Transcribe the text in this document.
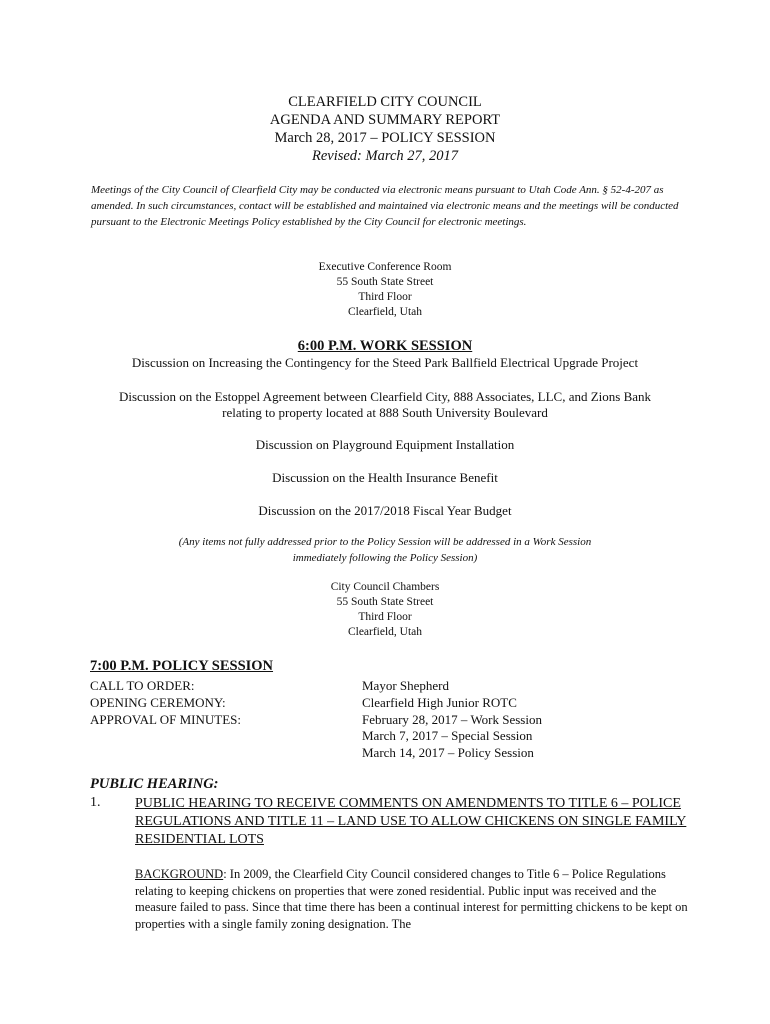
CLEARFIELD CITY COUNCIL
AGENDA AND SUMMARY REPORT
March 28, 2017 – POLICY SESSION
Revised: March 27, 2017
Meetings of the City Council of Clearfield City may be conducted via electronic means pursuant to Utah Code Ann. § 52-4-207 as amended. In such circumstances, contact will be established and maintained via electronic means and the meetings will be conducted pursuant to the Electronic Meetings Policy established by the City Council for electronic meetings.
Executive Conference Room
55 South State Street
Third Floor
Clearfield, Utah
6:00 P.M. WORK SESSION
Discussion on Increasing the Contingency for the Steed Park Ballfield Electrical Upgrade Project
Discussion on the Estoppel Agreement between Clearfield City, 888 Associates, LLC, and Zions Bank
relating to property located at 888 South University Boulevard
Discussion on Playground Equipment Installation
Discussion on the Health Insurance Benefit
Discussion on the 2017/2018 Fiscal Year Budget
(Any items not fully addressed prior to the Policy Session will be addressed in a Work Session
immediately following the Policy Session)
City Council Chambers
55 South State Street
Third Floor
Clearfield, Utah
7:00 P.M. POLICY SESSION
CALL TO ORDER:	Mayor Shepherd
OPENING CEREMONY:	Clearfield High Junior ROTC
APPROVAL OF MINUTES:	February 28, 2017 – Work Session
March 7, 2017 – Special Session
March 14, 2017 – Policy Session
PUBLIC HEARING:
1. PUBLIC HEARING TO RECEIVE COMMENTS ON AMENDMENTS TO TITLE 6 – POLICE REGULATIONS AND TITLE 11 – LAND USE TO ALLOW CHICKENS ON SINGLE FAMILY RESIDENTIAL LOTS
BACKGROUND: In 2009, the Clearfield City Council considered changes to Title 6 – Police Regulations relating to keeping chickens on properties that were zoned residential. Public input was received and the measure failed to pass. Since that time there has been a continual interest for permitting chickens to be kept on properties with a single family zoning designation. The
